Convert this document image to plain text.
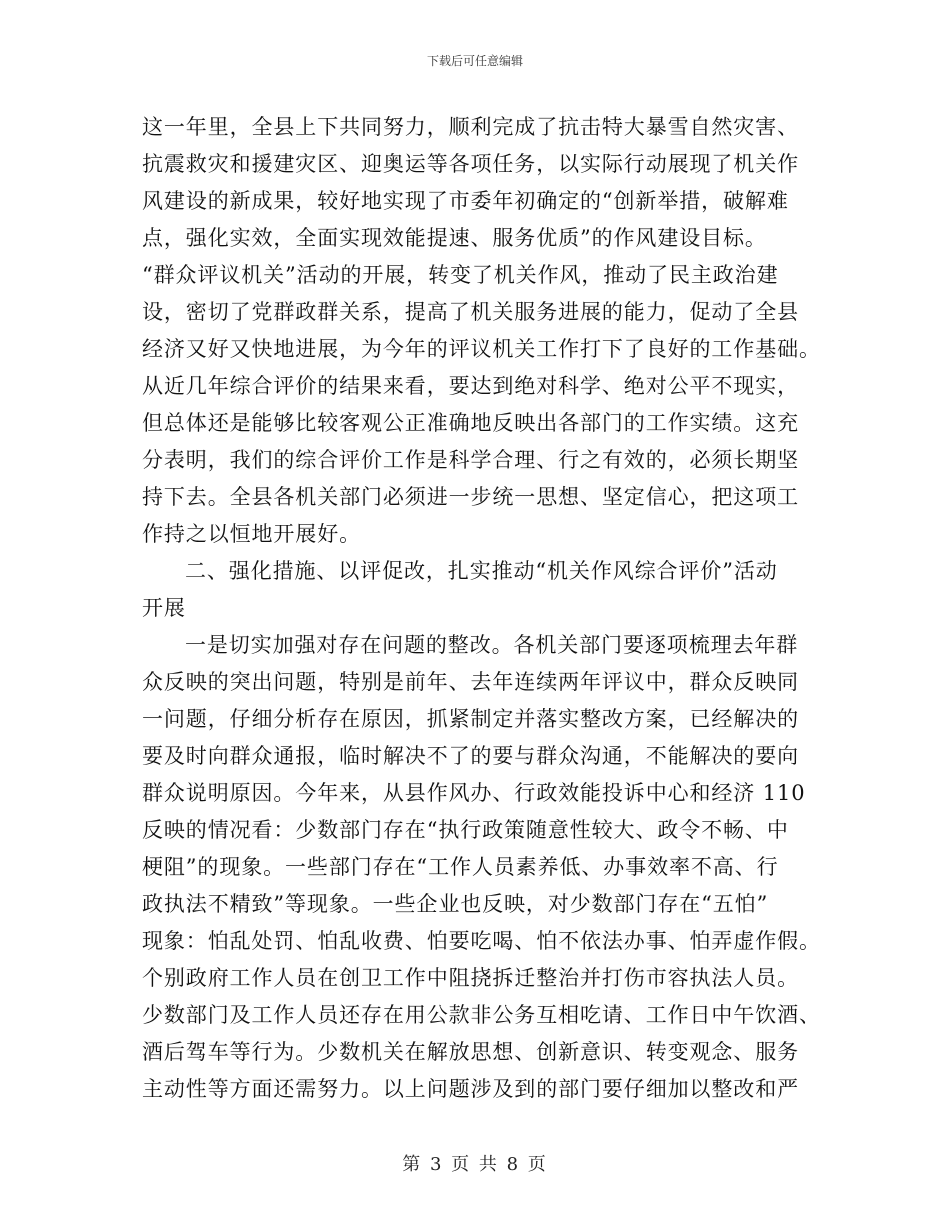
下载后可任意编辑
这一年里，全县上下共同努力，顺利完成了抗击特大暴雪自然灾害、
抗震救灾和援建灾区、迎奥运等各项任务，以实际行动展现了机关作
风建设的新成果，较好地实现了市委年初确定的“创新举措，破解难
点，强化实效，全面实现效能提速、服务优质”的作风建设目标。
“群众评议机关”活动的开展，转变了机关作风，推动了民主政治建
设，密切了党群政群关系，提高了机关服务进展的能力，促动了全县
经济又好又快地进展，为今年的评议机关工作打下了良好的工作基础。
从近几年综合评价的结果来看，要达到绝对科学、绝对公平不现实，
但总体还是能够比较客观公正准确地反映出各部门的工作实绩。这充
分表明，我们的综合评价工作是科学合理、行之有效的，必须长期坚
持下去。全县各机关部门必须进一步统一思想、坚定信心，把这项工
作持之以恒地开展好。
二、强化措施、以评促改，扎实推动“机关作风综合评价”活动
开展
一是切实加强对存在问题的整改。各机关部门要逐项梳理去年群
众反映的突出问题，特别是前年、去年连续两年评议中，群众反映同
一问题，仔细分析存在原因，抓紧制定并落实整改方案，已经解决的
要及时向群众通报，临时解决不了的要与群众沟通，不能解决的要向
群众说明原因。今年来，从县作风办、行政效能投诉中心和经济 110
反映的情况看：少数部门存在“执行政策随意性较大、政令不畅、中
梗阻”的现象。一些部门存在“工作人员素养低、办事效率不高、行
政执法不精致”等现象。一些企业也反映，对少数部门存在“五怕”
现象：怕乱处罚、怕乱收费、怕要吃喝、怕不依法办事、怕弄虚作假。
个别政府工作人员在创卫工作中阻挠拆迁整治并打伤市容执法人员。
少数部门及工作人员还存在用公款非公务互相吃请、工作日中午饮酒、
酒后驾车等行为。少数机关在解放思想、创新意识、转变观念、服务
主动性等方面还需努力。以上问题涉及到的部门要仔细加以整改和严
第 3 页 共 8 页
